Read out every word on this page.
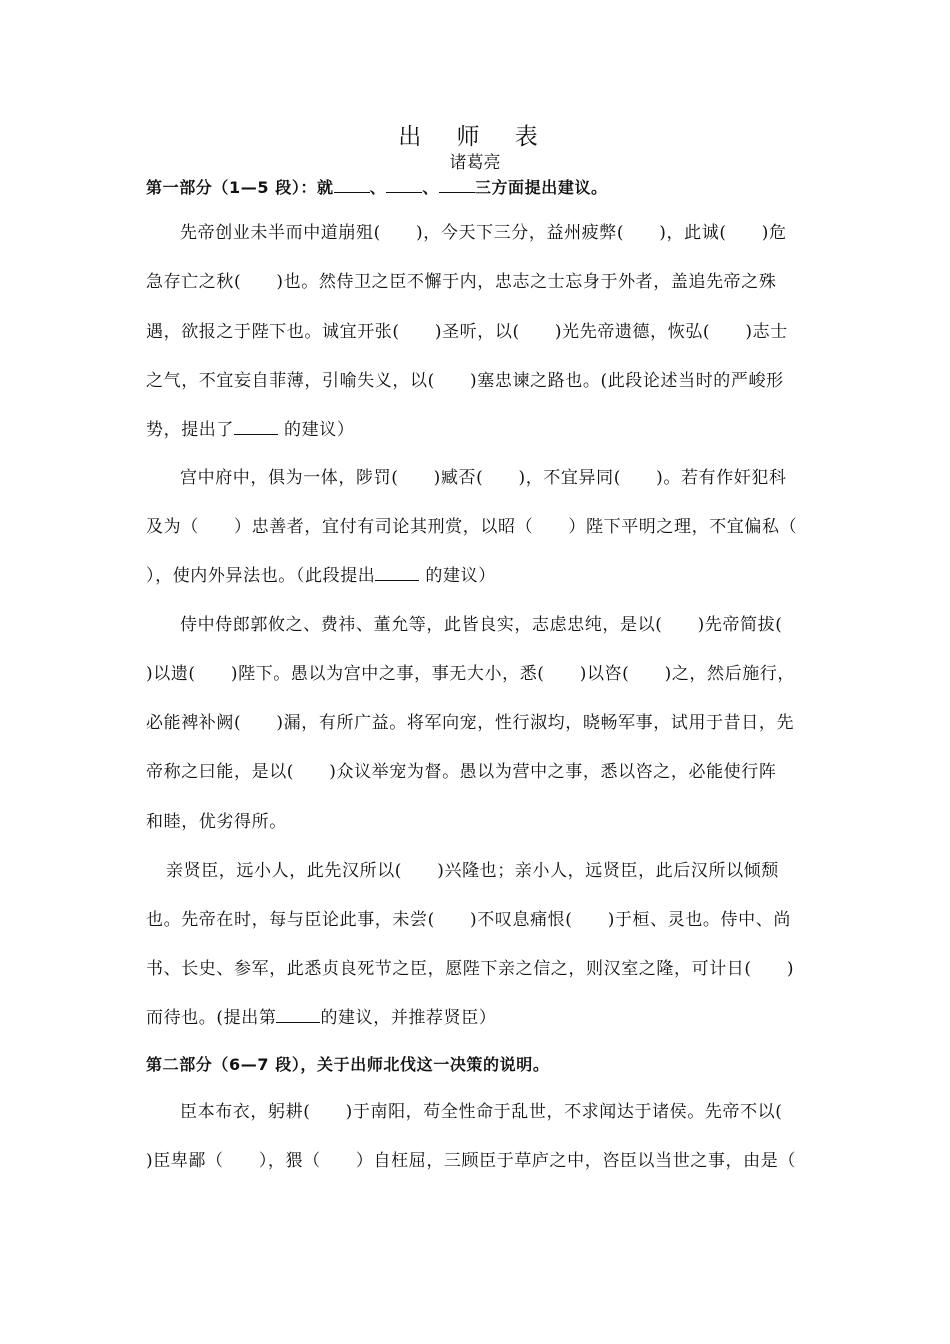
出 师 表
诸葛亮
第一部分（1—5 段）：就 、 、 三方面提出建议。
先帝创业未半而中道崩殂(　　)，今天下三分，益州疲弊(　　)，此诚(　　)危
急存亡之秋(　　)也。然侍卫之臣不懈于内，忠志之士忘身于外者，盖追先帝之殊
遇，欲报之于陛下也。诚宜开张(　　)圣听，以(　　)光先帝遗德，恢弘(　　)志士
之气，不宜妄自菲薄，引喻失义，以(　　)塞忠谏之路也。(此段论述当时的严峻形
势，提出了	的建议）
宫中府中，俱为一体，陟罚(　　)臧否(　　)，不宜异同(　　)。若有作奸犯科
及为（　　）忠善者，宜付有司论其刑赏，以昭（　　）陛下平明之理，不宜偏私（
），使内外异法也。（此段提出	的建议）
侍中侍郎郭攸之、费祎、董允等，此皆良实，志虑忠纯，是以(　　)先帝简拔(
)以遗(　　)陛下。愚以为宫中之事，事无大小，悉(　　)以咨(　　)之，然后施行，
必能裨补阙(　　)漏，有所广益。将军向宠，性行淑均，晓畅军事，试用于昔日，先
帝称之曰能，是以(　　)众议举宠为督。愚以为营中之事，悉以咨之，必能使行阵
和睦，优劣得所。
亲贤臣，远小人，此先汉所以(　　)兴隆也；亲小人，远贤臣，此后汉所以倾颓
也。先帝在时，每与臣论此事，未尝(　　)不叹息痛恨(　　)于桓、灵也。侍中、尚
书、长史、参军，此悉贞良死节之臣，愿陛下亲之信之，则汉室之隆，可计日(　　)
而待也。(提出第	的建议，并推荐贤臣）
第二部分（6—7 段），关于出师北伐这一决策的说明。
臣本布衣，躬耕(　　)于南阳，苟全性命于乱世，不求闻达于诸侯。先帝不以(
)臣卑鄙（　　），猥（　　）自枉屈，三顾臣于草庐之中，咨臣以当世之事，由是（
